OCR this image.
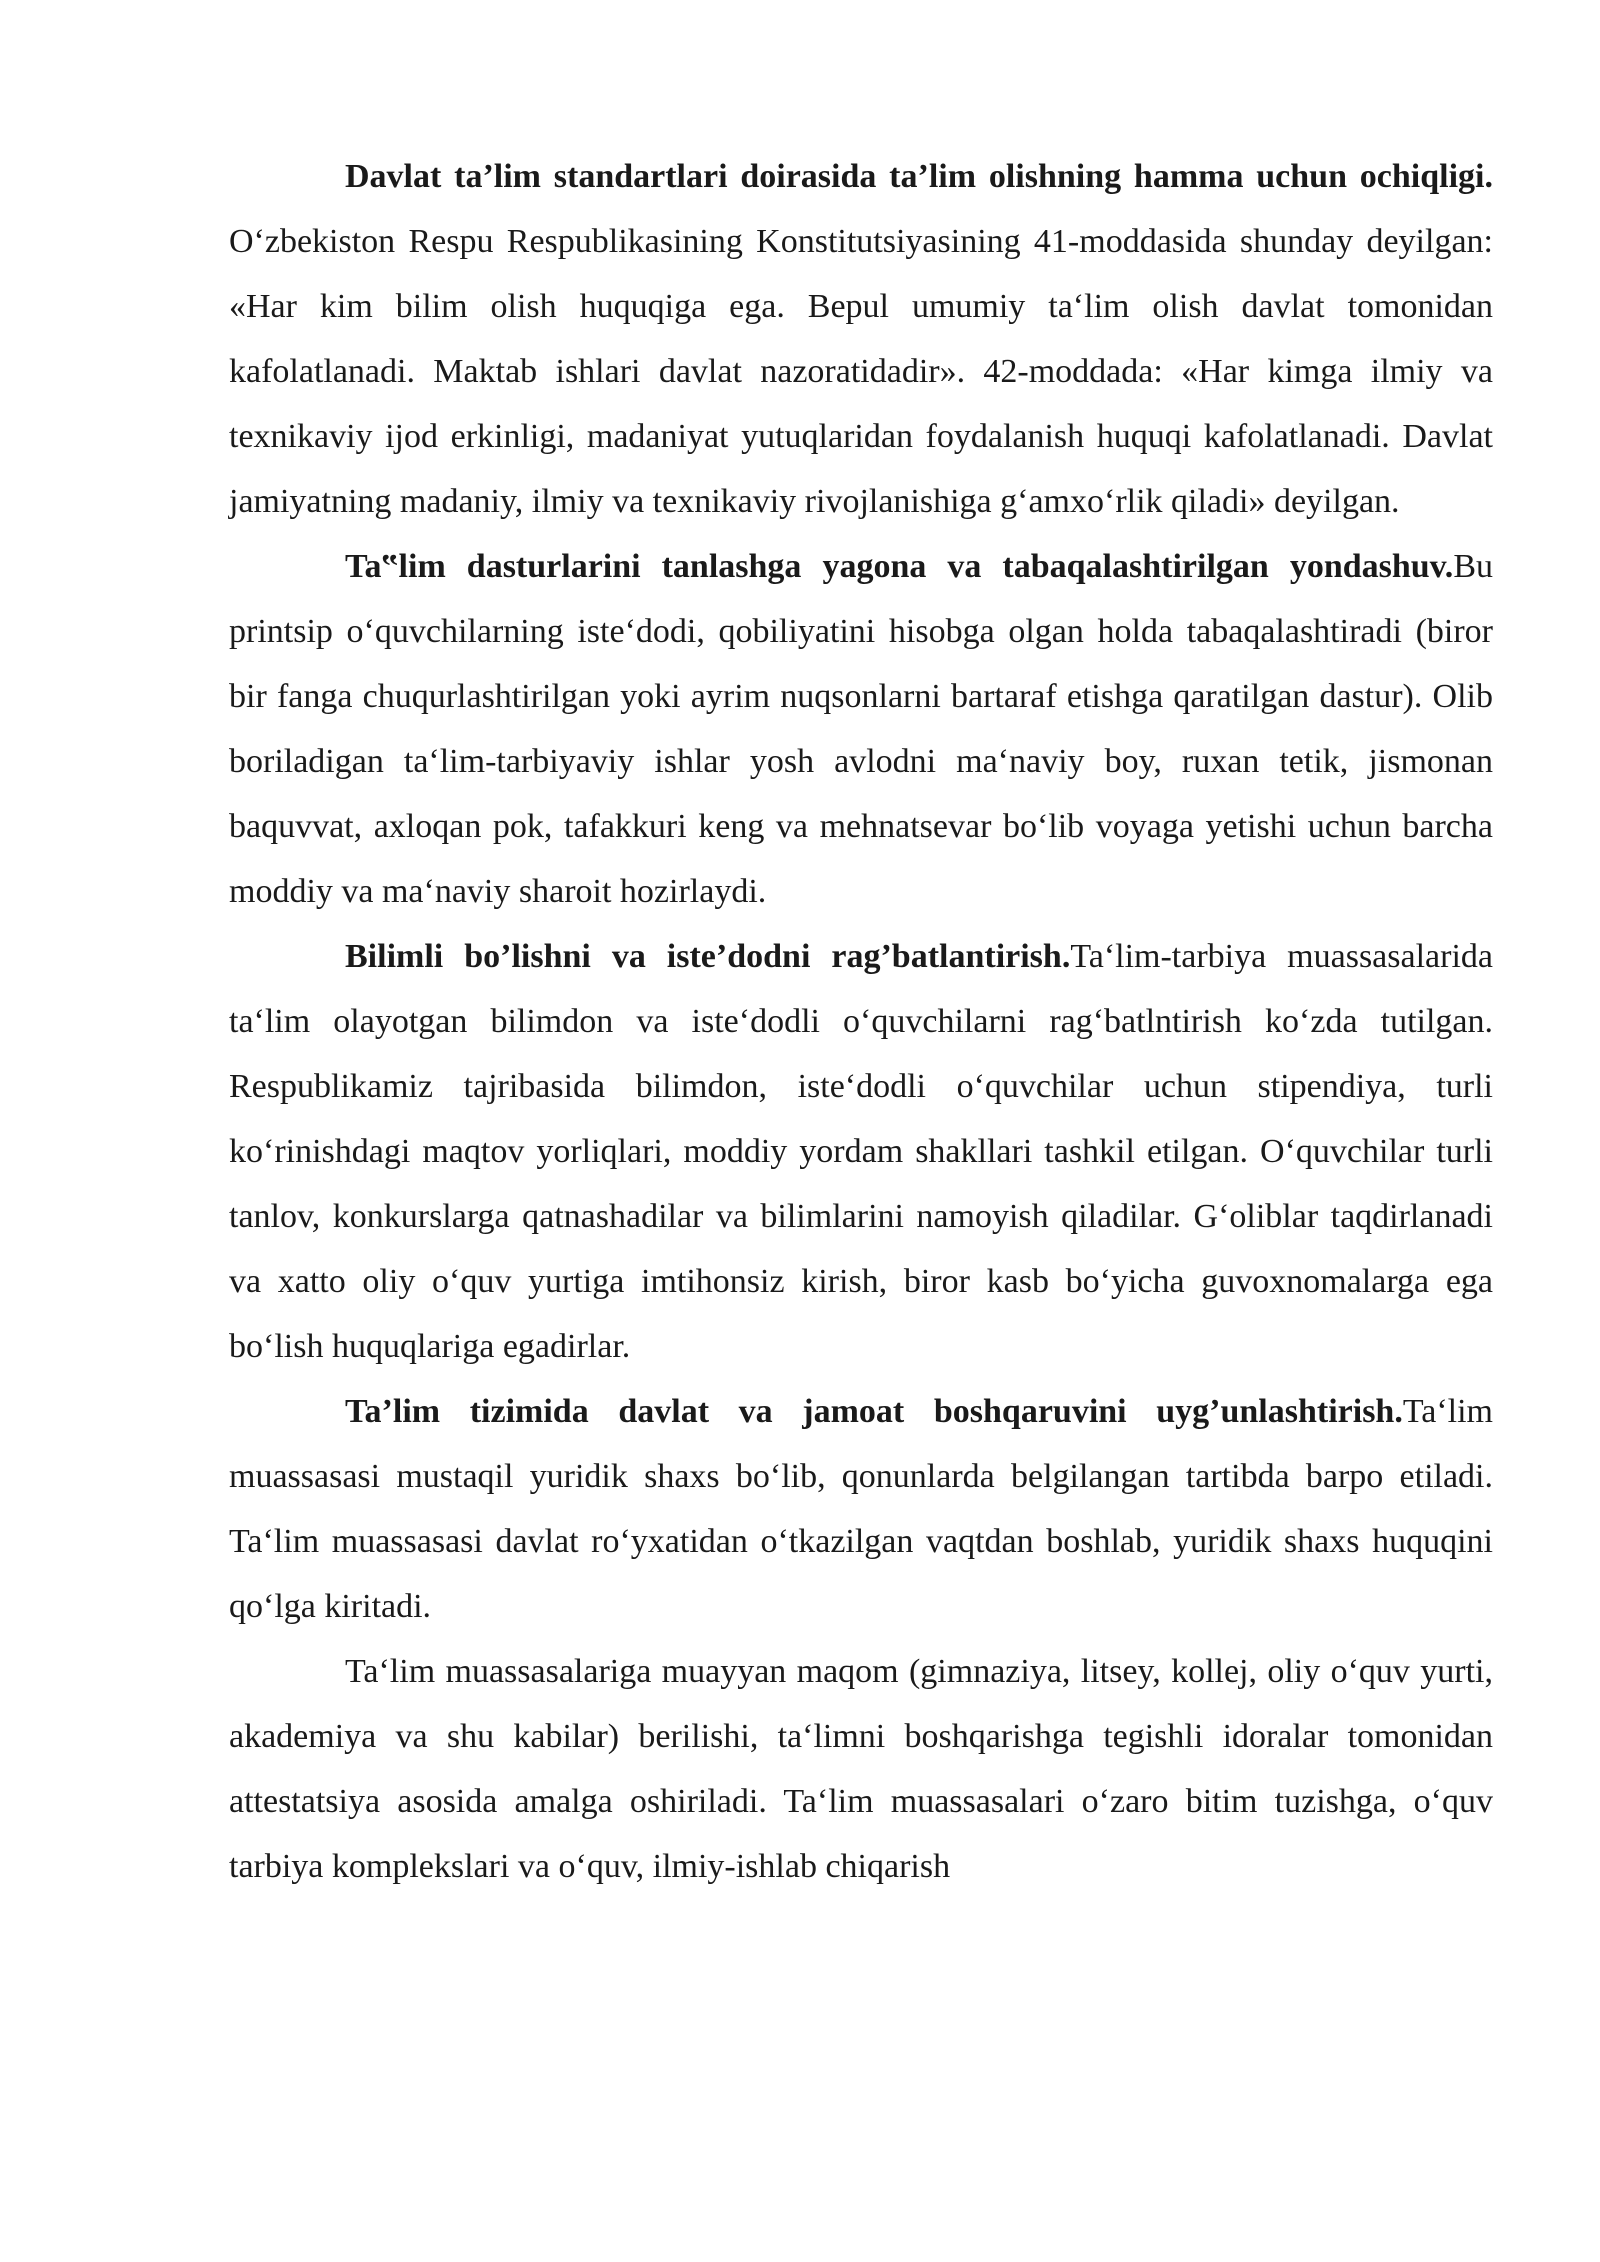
Davlat ta’lim standartlari doirasida ta’lim olishning hamma uchun ochiqligi. O‘zbekiston Respu Respublikasining Konstitutsiyasining 41-moddasida shunday deyilgan: «Har kim bilim olish huquqiga ega. Bepul umumiy ta‘lim olish davlat tomonidan kafolatlanadi. Maktab ishlari davlat nazoratidadir». 42-moddada: «Har kimga ilmiy va texnikaviy ijod erkinligi, madaniyat yutuqlaridan foydalanish huquqi kafolatlanadi. Davlat jamiyatning madaniy, ilmiy va texnikaviy rivojlanishiga g‘amxo‘rlik qiladi» deyilgan.

Ta‟lim dasturlarini tanlashga yagona va tabaqalashtirilgan yondashuv.Bu printsip o‘quvchilarning iste‘dodi, qobiliyatini hisobga olgan holda tabaqalashtiradi (biror bir fanga chuqurlashtirilgan yoki ayrim nuqsonlarni bartaraf etishga qaratilgan dastur). Olib boriladigan ta‘lim-tarbiyaviy ishlar yosh avlodni ma‘naviy boy, ruxan tetik, jismonan baquvvat, axloqan pok, tafakkuri keng va mehnatsevar bo‘lib voyaga yetishi uchun barcha moddiy va ma‘naviy sharoit hozirlaydi.

Bilimli bo’lishni va iste’dodni rag’batlantirish.Ta‘lim-tarbiya muassasalarida ta‘lim olayotgan bilimdon va iste‘dodli o‘quvchilarni rag‘batlntirish ko‘zda tutilgan. Respublikamiz tajribasida bilimdon, iste‘dodli o‘quvchilar uchun stipendiya, turli ko‘rinishdagi maqtov yorliqlari, moddiy yordam shakllari tashkil etilgan. O‘quvchilar turli tanlov, konkurslarga qatnashadilar va bilimlarini namoyish qiladilar. G‘oliblar taqdirlanadi va xatto oliy o‘quv yurtiga imtihonsiz kirish, biror kasb bo‘yicha guvoxnomalarga ega bo‘lish huquqlariga egadirlar.

Ta’lim tizimida davlat va jamoat boshqaruvini uyg’unlashtirish.Ta‘lim muassasasi mustaqil yuridik shaxs bo‘lib, qonunlarda belgilangan tartibda barpo etiladi. Ta‘lim muassasasi davlat ro‘yxatidan o‘tkazilgan vaqtdan boshlab, yuridik shaxs huquqini qo‘lga kiritadi.

Ta‘lim muassasalariga muayyan maqom (gimnaziya, litsey, kollej, oliy o‘quv yurti, akademiya va shu kabilar) berilishi, ta‘limni boshqarishga tegishli idoralar tomonidan attestatsiya asosida amalga oshiriladi. Ta‘lim muassasalari o‘zaro bitim tuzishga, o‘quv tarbiya komplekslari va o‘quv, ilmiy-ishlab chiqarish
